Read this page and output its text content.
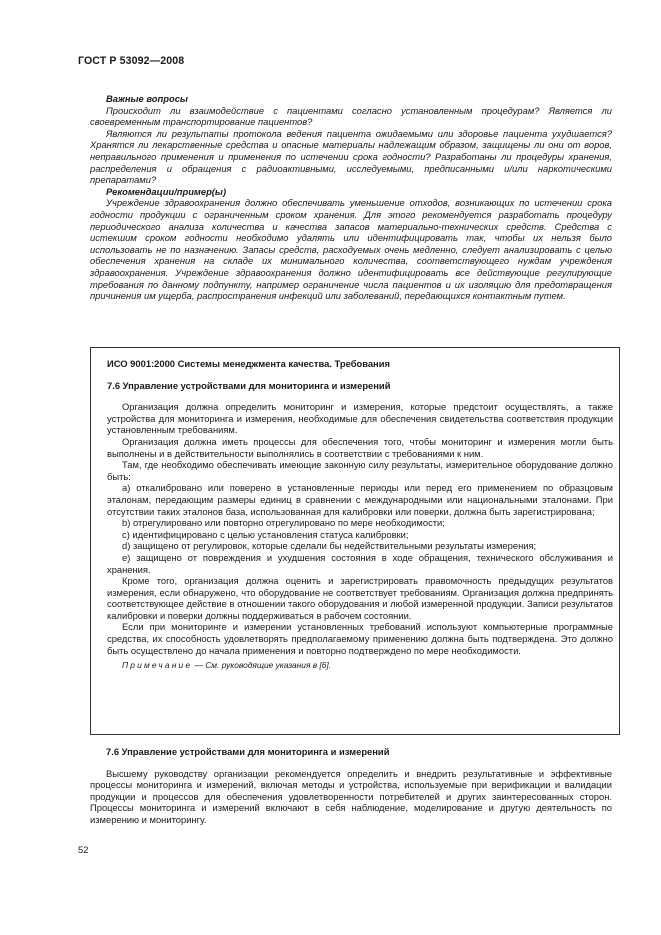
ГОСТ Р 53092—2008

Важные вопросы

Происходит ли взаимодействие с пациентами согласно установленным процедурам? Является ли своевременным транспортирование пациентов?

Являются ли результаты протокола ведения пациента ожидаемыми или здоровье пациента ухудшается? Хранятся ли лекарственные средства и опасные материалы надлежащим образом, защищены ли они от воров, неправильного применения и применения по истечении срока годности? Разработаны ли процедуры хранения, распределения и обращения с радиоактивными, исследуемыми, предписанными и/или наркотическими препаратами?

Рекомендации/пример(ы)

Учреждение здравоохранения должно обеспечивать уменьшение отходов, возникающих по истечении срока годности продукции с ограниченным сроком хранения. Для этого рекомендуется разработать процедуру периодического анализа количества и качества запасов материально-технических средств. Средства с истекшим сроком годности необходимо удалять или идентифицировать так, чтобы их нельзя было использовать не по назначению. Запасы средств, расходуемых очень медленно, следует анализировать с целью обеспечения хранения на складе их минимального количества, соответствующего нуждам учреждения здравоохранения. Учреждение здравоохранения должно идентифицировать все действующие регулирующие требования по данному подпункту, например ограничение числа пациентов и их изоляцию для предотвращения причинения им ущерба, распространения инфекций или заболеваний, передающихся контактным путем.

ИСО 9001:2000 Системы менеджмента качества. Требования
7.6 Управление устройствами для мониторинга и измерений

Организация должна определить мониторинг и измерения, которые предстоит осуществлять, а также устройства для мониторинга и измерения, необходимые для обеспечения свидетельства соответствия продукции установленным требованиям.

Организация должна иметь процессы для обеспечения того, чтобы мониторинг и измерения могли быть выполнены и в действительности выполнялись в соответствии с требованиями к ним.

Там, где необходимо обеспечивать имеющие законную силу результаты, измерительное оборудование должно быть:

а) откалибровано или поверено в установленные периоды или перед его применением по образцовым эталонам, передающим размеры единиц в сравнении с международными или национальными эталонами. При отсутствии таких эталонов база, использованная для калибровки или поверки, должна быть зарегистрирована;

b) отрегулировано или повторно отрегулировано по мере необходимости;

c) идентифицировано с целью установления статуса калибровки;

d) защищено от регулировок, которые сделали бы недействительными результаты измерения;

e) защищено от повреждения и ухудшения состояния в ходе обращения, технического обслуживания и хранения.

Кроме того, организация должна оценить и зарегистрировать правомочность предыдущих результатов измерения, если обнаружено, что оборудование не соответствует требованиям. Организация должна предпринять соответствующее действие в отношении такого оборудования и любой измеренной продукции. Записи результатов калибровки и поверки должны поддерживаться в рабочем состоянии.

Если при мониторинге и измерении установленных требований используют компьютерные программные средства, их способность удовлетворять предполагаемому применению должна быть подтверждена. Это должно быть осуществлено до начала применения и повторно подтверждено по мере необходимости.

Примечание — См. руководящие указания в [6].

7.6 Управление устройствами для мониторинга и измерений

Высшему руководству организации рекомендуется определить и внедрить результативные и эффективные процессы мониторинга и измерений, включая методы и устройства, используемые при верификации и валидации продукции и процессов для обеспечения удовлетворенности потребителей и других заинтересованных сторон. Процессы мониторинга и измерений включают в себя наблюдение, моделирование и другую деятельность по измерению и мониторингу.

52
